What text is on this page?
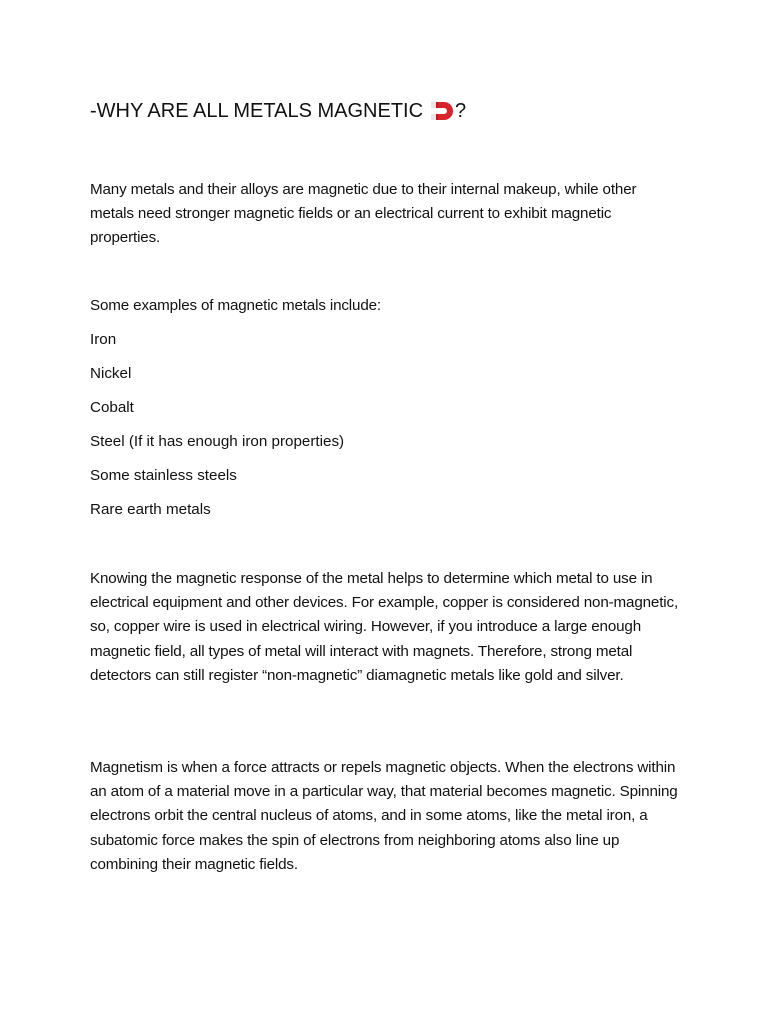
-WHY ARE ALL METALS MAGNETIC ?

Many metals and their alloys are magnetic due to their internal makeup, while other metals need stronger magnetic fields or an electrical current to exhibit magnetic properties.

Some examples of magnetic metals include:

Iron
Nickel
Cobalt
Steel (If it has enough iron properties)
Some stainless steels
Rare earth metals

Knowing the magnetic response of the metal helps to determine which metal to use in electrical equipment and other devices. For example, copper is considered non-magnetic, so, copper wire is used in electrical wiring. However, if you introduce a large enough magnetic field, all types of metal will interact with magnets. Therefore, strong metal detectors can still register “non-magnetic” diamagnetic metals like gold and silver.

Magnetism is when a force attracts or repels magnetic objects. When the electrons within an atom of a material move in a particular way, that material becomes magnetic. Spinning electrons orbit the central nucleus of atoms, and in some atoms, like the metal iron, a subatomic force makes the spin of electrons from neighboring atoms also line up combining their magnetic fields.
